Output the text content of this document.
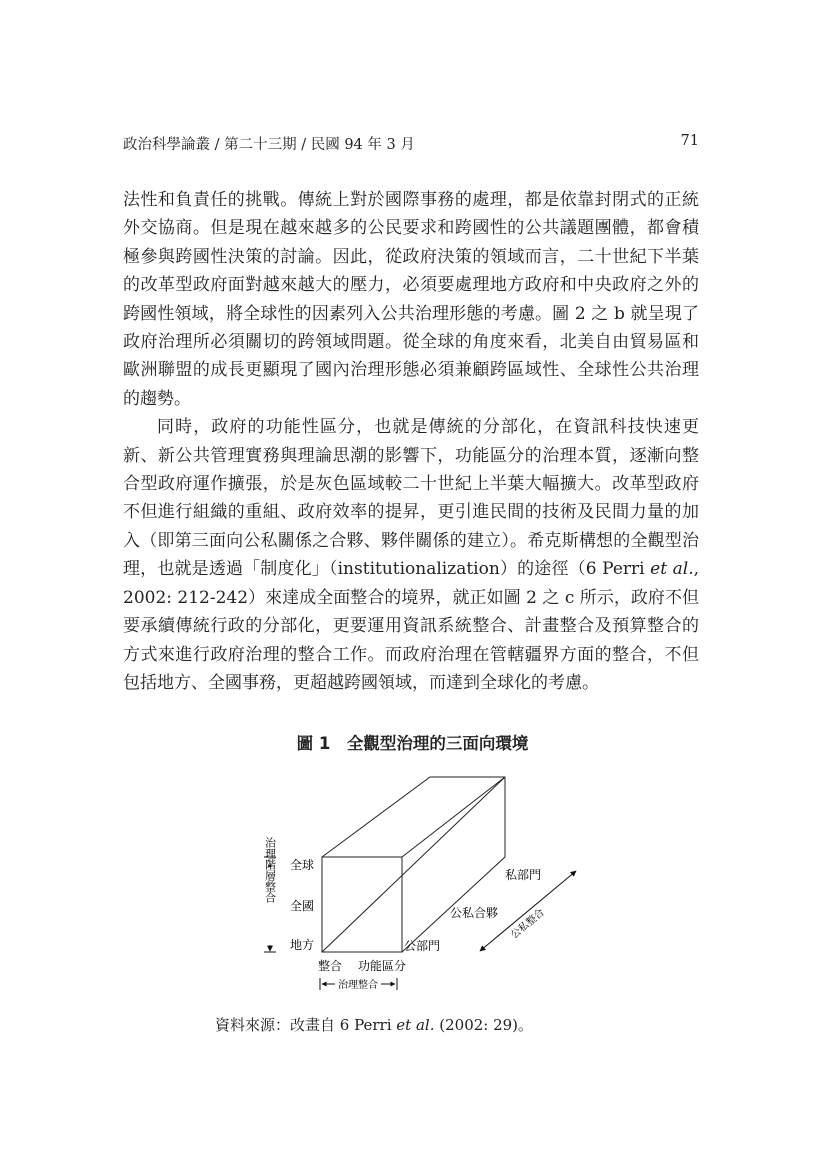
政治科學論叢 / 第二十三期 / 民國 94 年 3 月	71

法性和負責任的挑戰。傳統上對於國際事務的處理，都是依靠封閉式的正統外交協商。但是現在越來越多的公民要求和跨國性的公共議題團體，都會積極參與跨國性決策的討論。因此，從政府決策的領域而言，二十世紀下半葉的改革型政府面對越來越大的壓力，必須要處理地方政府和中央政府之外的跨國性領域，將全球性的因素列入公共治理形態的考慮。圖 2 之 b 就呈現了政府治理所必須關切的跨領域問題。從全球的角度來看，北美自由貿易區和歐洲聯盟的成長更顯現了國內治理形態必須兼顧跨區域性、全球性公共治理的趨勢。

同時，政府的功能性區分，也就是傳統的分部化，在資訊科技快速更新、新公共管理實務與理論思潮的影響下，功能區分的治理本質，逐漸向整合型政府運作擴張，於是灰色區域較二十世紀上半葉大幅擴大。改革型政府不但進行組織的重組、政府效率的提昇，更引進民間的技術及民間力量的加入（即第三面向公私關係之合夥、夥伴關係的建立）。希克斯構想的全觀型治理，也就是透過「制度化」（institutionalization）的途徑（6 Perri et al., 2002: 212-242）來達成全面整合的境界，就正如圖 2 之 c 所示，政府不但要承續傳統行政的分部化，更要運用資訊系統整合、計畫整合及預算整合的方式來進行政府治理的整合工作。而政府治理在管轄疆界方面的整合，不但包括地方、全國事務，更超越跨國領域，而達到全球化的考慮。

圖 1　全觀型治理的三面向環境
治理階層整合 全球
全國
地方
整合 功能區分
治理整合
私部門
公私合夥
公部門
公私整合
資料來源：改畫自 6 Perri et al. (2002: 29)。
